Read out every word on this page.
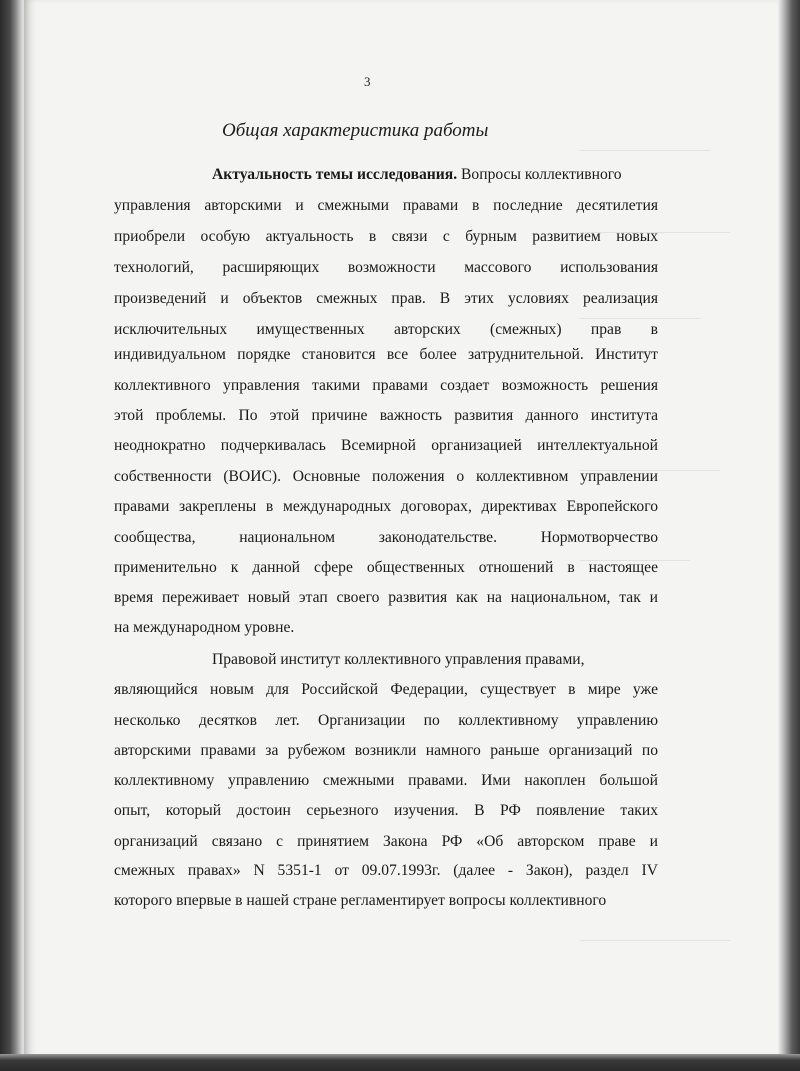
3
Общая характеристика работы
Актуальность темы исследования. Вопросы коллективного
управления авторскими и смежными правами в последние десятилетия
приобрели особую актуальность в связи с бурным развитием новых
технологий, расширяющих возможности массового использования
произведений и объектов смежных прав. В этих условиях реализация
исключительных имущественных авторских (смежных) прав в
индивидуальном порядке становится все более затруднительной. Институт
коллективного управления такими правами создает возможность решения
этой проблемы. По этой причине важность развития данного института
неоднократно подчеркивалась Всемирной организацией интеллектуальной
собственности (ВОИС). Основные положения о коллективном управлении
правами закреплены в международных договорах, директивах Европейского
сообщества, национальном законодательстве. Нормотворчество
применительно к данной сфере общественных отношений в настоящее
время переживает новый этап своего развития как на национальном, так и
на международном уровне.
Правовой институт коллективного управления правами,
являющийся новым для Российской Федерации, существует в мире уже
несколько десятков лет. Организации по коллективному управлению
авторскими правами за рубежом возникли намного раньше организаций по
коллективному управлению смежными правами. Ими накоплен большой
опыт, который достоин серьезного изучения. В РФ появление таких
организаций связано с принятием Закона РФ «Об авторском праве и
смежных правах» N 5351-1 от 09.07.1993г. (далее - Закон), раздел IV
которого впервые в нашей стране регламентирует вопросы коллективного
